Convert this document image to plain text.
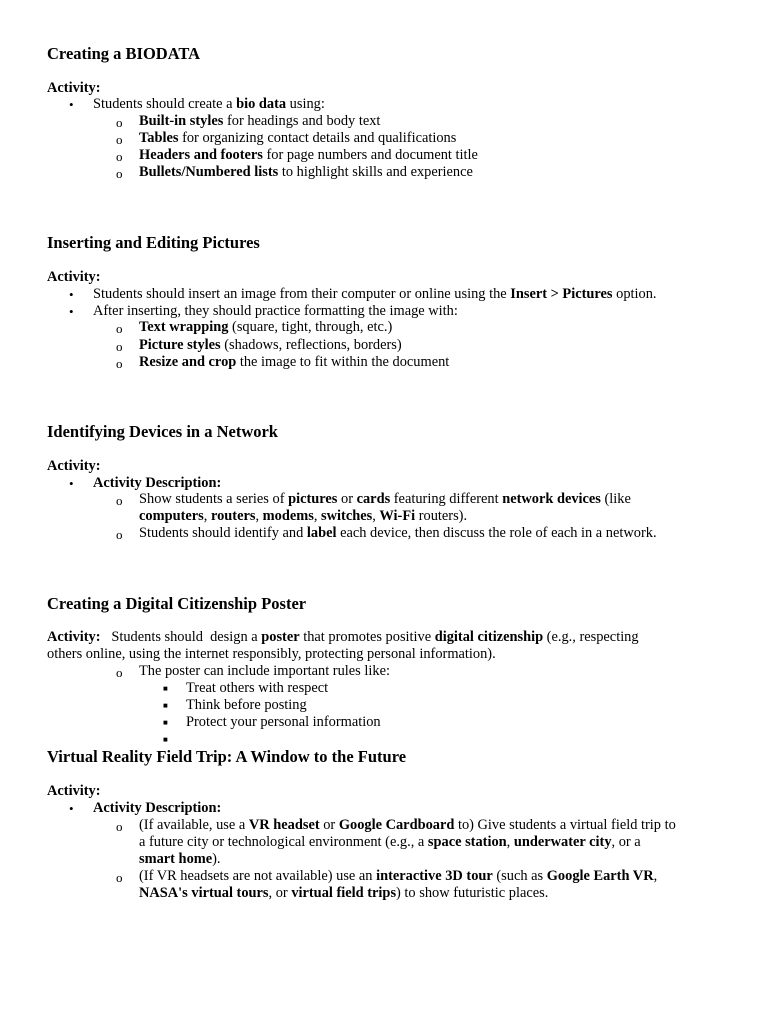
Creating a BIODATA
Activity:
• Students should create a bio data using:
o Built-in styles for headings and body text
o Tables for organizing contact details and qualifications
o Headers and footers for page numbers and document title
o Bullets/Numbered lists to highlight skills and experience
Inserting and Editing Pictures
Activity:
• Students should insert an image from their computer or online using the Insert > Pictures option.
• After inserting, they should practice formatting the image with:
o Text wrapping (square, tight, through, etc.)
o Picture styles (shadows, reflections, borders)
o Resize and crop the image to fit within the document
Identifying Devices in a Network
Activity:
• Activity Description:
o Show students a series of pictures or cards featuring different network devices (like
computers, routers, modems, switches, Wi-Fi routers).
o Students should identify and label each device, then discuss the role of each in a network.
Creating a Digital Citizenship Poster
Activity:   Students should  design a poster that promotes positive digital citizenship (e.g., respecting
others online, using the internet responsibly, protecting personal information).
o The poster can include important rules like:
■ Treat others with respect
■ Think before posting
■ Protect your personal information
■
Virtual Reality Field Trip: A Window to the Future
Activity:
• Activity Description:
o (If available, use a VR headset or Google Cardboard to) Give students a virtual field trip to
a future city or technological environment (e.g., a space station, underwater city, or a
smart home).
o (If VR headsets are not available) use an interactive 3D tour (such as Google Earth VR,
NASA's virtual tours, or virtual field trips) to show futuristic places.
